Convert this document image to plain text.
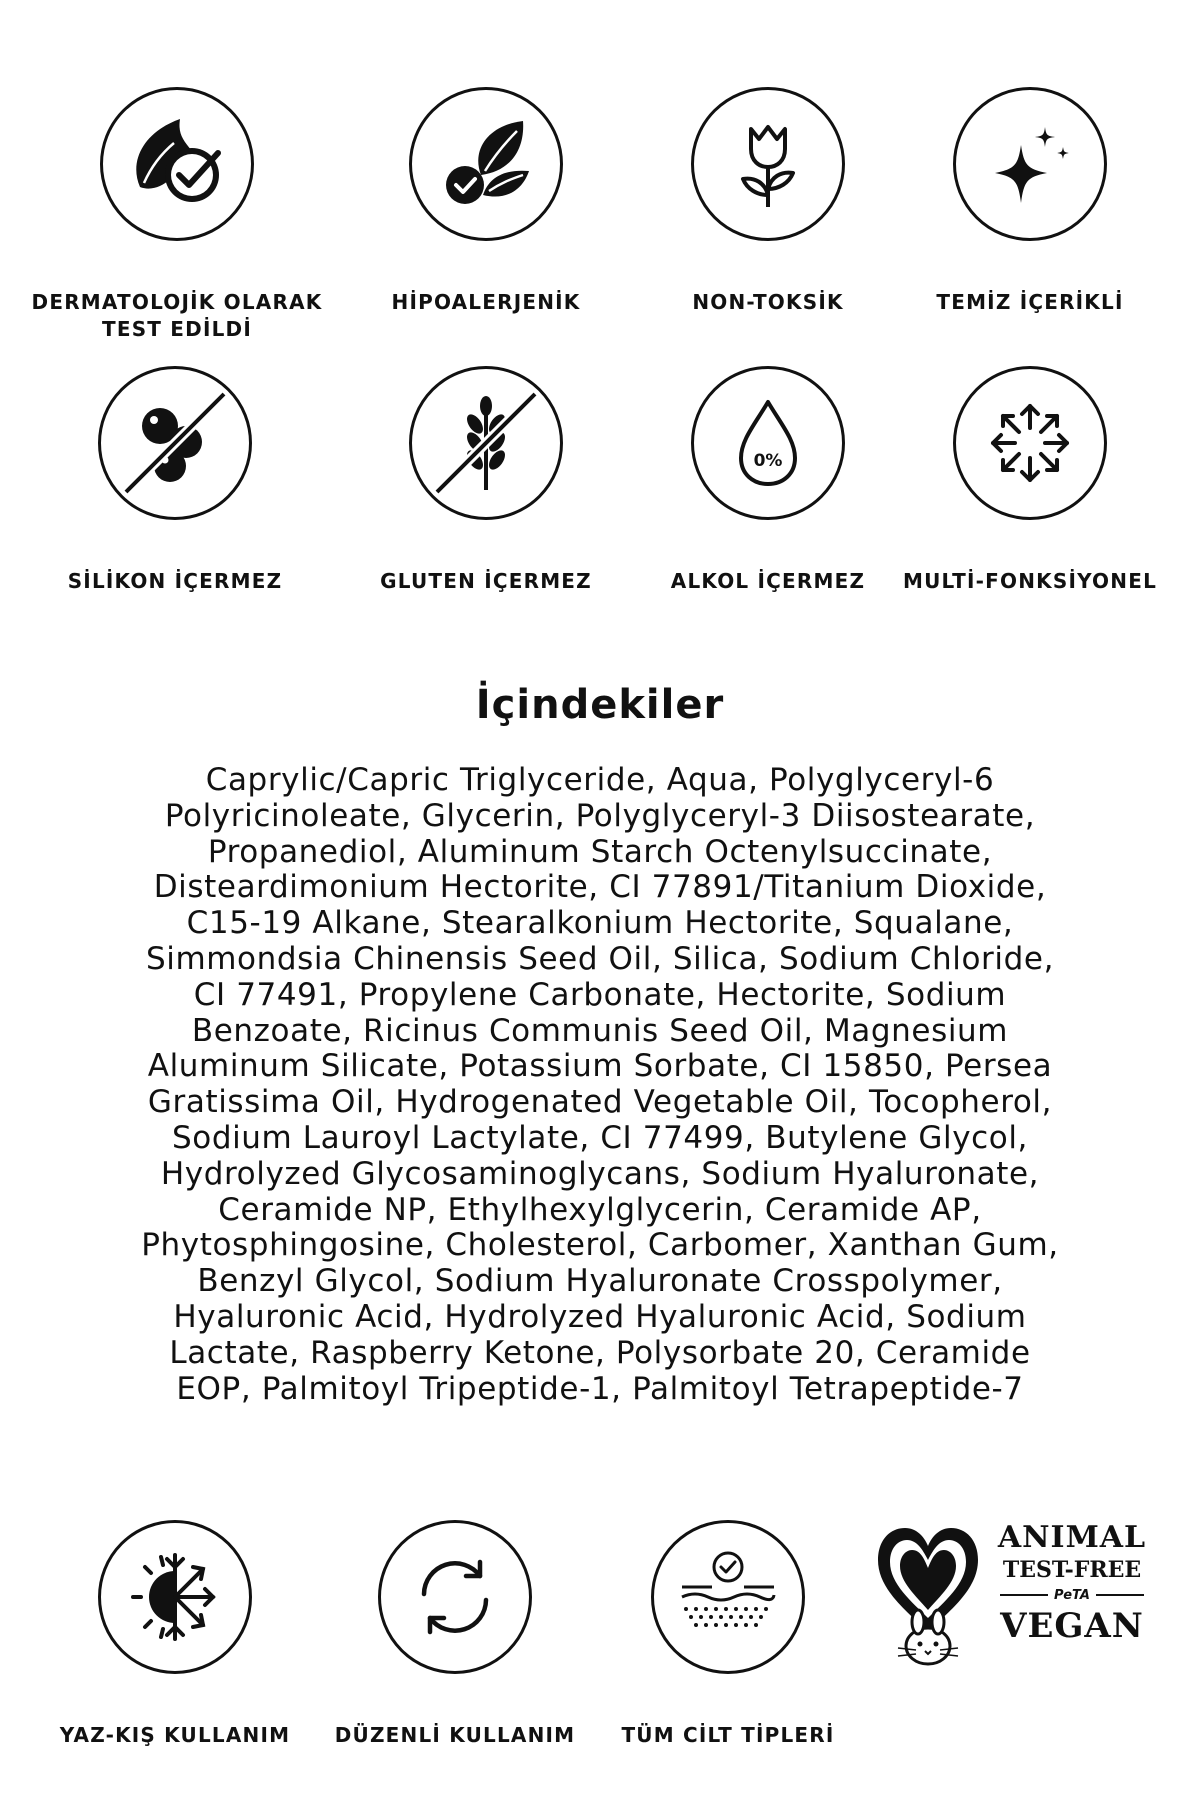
DERMATOLOJİK OLARAK
TEST EDİLDİ
HİPOALERJENİK	NON-TOKSİK	TEMİZ İÇERİKLİ
SİLİKON İÇERMEZ	GLUTEN İÇERMEZ
0%
ALKOL İÇERMEZ	MULTİ-FONKSİYONEL
İçindekiler
Caprylic/Capric Triglyceride, Aqua, Polyglyceryl-6
Polyricinoleate, Glycerin, Polyglyceryl-3 Diisostearate,
Propanediol, Aluminum Starch Octenylsuccinate,
Disteardimonium Hectorite, CI 77891/Titanium Dioxide,
C15-19 Alkane, Stearalkonium Hectorite, Squalane,
Simmondsia Chinensis Seed Oil, Silica, Sodium Chloride,
CI 77491, Propylene Carbonate, Hectorite, Sodium
Benzoate, Ricinus Communis Seed Oil, Magnesium
Aluminum Silicate, Potassium Sorbate, CI 15850, Persea
Gratissima Oil, Hydrogenated Vegetable Oil, Tocopherol,
Sodium Lauroyl Lactylate, CI 77499, Butylene Glycol,
Hydrolyzed Glycosaminoglycans, Sodium Hyaluronate,
Ceramide NP, Ethylhexylglycerin, Ceramide AP,
Phytosphingosine, Cholesterol, Carbomer, Xanthan Gum,
Benzyl Glycol, Sodium Hyaluronate Crosspolymer,
Hyaluronic Acid, Hydrolyzed Hyaluronic Acid, Sodium
Lactate, Raspberry Ketone, Polysorbate 20, Ceramide
EOP, Palmitoyl Tripeptide-1, Palmitoyl Tetrapeptide-7
YAZ-KIŞ KULLANIM	DÜZENLİ KULLANIM	TÜM CİLT TİPLERİ
ANIMAL
TEST-FREE
PeTA
VEGAN
